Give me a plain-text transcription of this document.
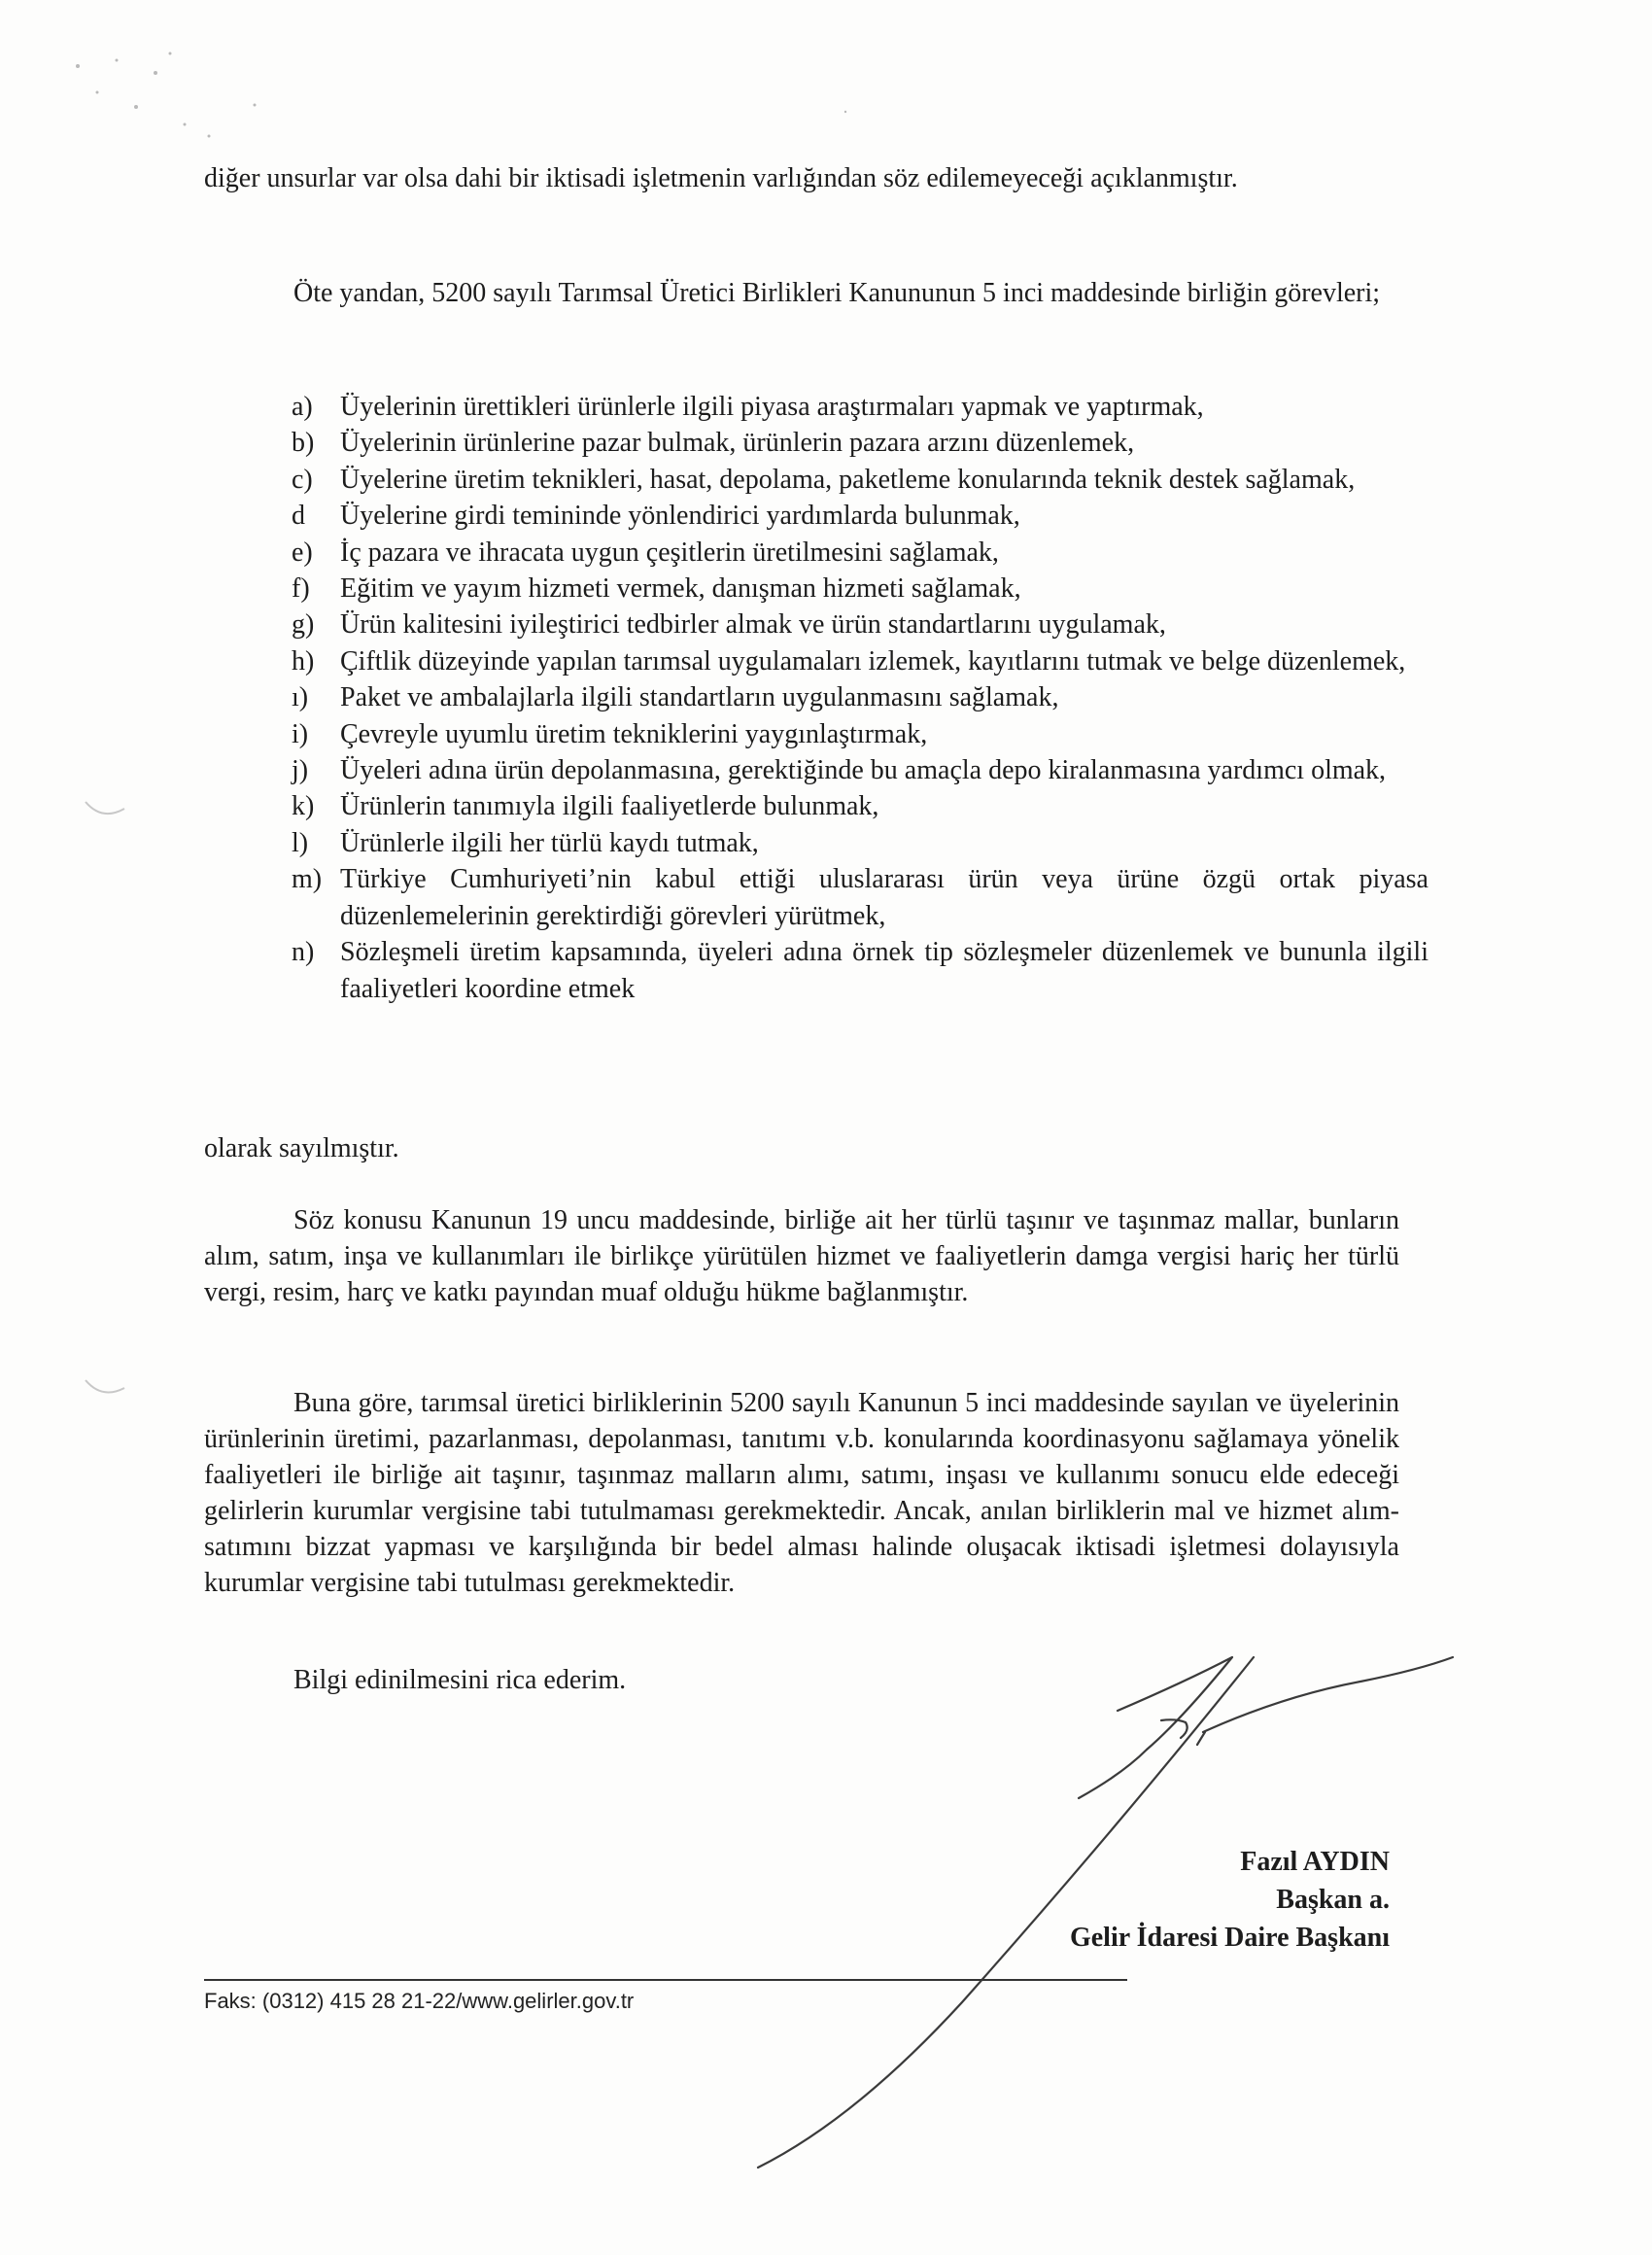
diğer unsurlar var olsa dahi bir iktisadi işletmenin varlığından söz edilemeyeceği açıklanmıştır.

Öte yandan, 5200 sayılı Tarımsal Üretici Birlikleri Kanununun 5 inci maddesinde birliğin görevleri;

a)	Üyelerinin ürettikleri ürünlerle ilgili piyasa araştırmaları yapmak ve yaptırmak,
b) Üyelerinin ürünlerine pazar bulmak, ürünlerin pazara arzını düzenlemek,
c)	Üyelerine üretim teknikleri, hasat, depolama, paketleme konularında teknik destek sağlamak,
d	Üyelerine girdi temininde yönlendirici yardımlarda bulunmak,
e)	İç pazara ve ihracata uygun çeşitlerin üretilmesini sağlamak,
f)	Eğitim ve yayım hizmeti vermek, danışman hizmeti sağlamak,
g) Ürün kalitesini iyileştirici tedbirler almak ve ürün standartlarını uygulamak,
h) Çiftlik düzeyinde yapılan tarımsal uygulamaları izlemek, kayıtlarını tutmak ve belge düzenlemek,
ı)	Paket ve ambalajlarla ilgili standartların uygulanmasını sağlamak,
i)	Çevreyle uyumlu üretim tekniklerini yaygınlaştırmak,
j)	Üyeleri adına ürün depolanmasına, gerektiğinde bu amaçla depo kiralanmasına yardımcı olmak,
k) Ürünlerin tanımıyla ilgili faaliyetlerde bulunmak,
l)	Ürünlerle ilgili her türlü kaydı tutmak,
m) Türkiye Cumhuriyeti’nin kabul ettiği uluslararası ürün veya ürüne özgü ortak piyasa düzenlemelerinin gerektirdiği görevleri yürütmek,
n) Sözleşmeli üretim kapsamında, üyeleri adına örnek tip sözleşmeler düzenlemek ve bununla ilgili faaliyetleri koordine etmek

olarak sayılmıştır.

Söz konusu Kanunun 19 uncu maddesinde, birliğe ait her türlü taşınır ve taşınmaz mallar, bunların alım, satım, inşa ve kullanımları ile birlikçe yürütülen hizmet ve faaliyetlerin damga vergisi hariç her türlü vergi, resim, harç ve katkı payından muaf olduğu hükme bağlanmıştır.

Buna göre, tarımsal üretici birliklerinin 5200 sayılı Kanunun 5 inci maddesinde sayılan ve üyelerinin ürünlerinin üretimi, pazarlanması, depolanması, tanıtımı v.b. konularında koordinasyonu sağlamaya yönelik faaliyetleri ile birliğe ait taşınır, taşınmaz malların alımı, satımı, inşası ve kullanımı sonucu elde edeceği gelirlerin kurumlar vergisine tabi tutulmaması gerekmektedir. Ancak, anılan birliklerin mal ve hizmet alım-satımını bizzat yapması ve karşılığında bir bedel alması halinde oluşacak iktisadi işletmesi dolayısıyla kurumlar vergisine tabi tutulması gerekmektedir.

Bilgi edinilmesini rica ederim.

Fazıl AYDIN
Başkan a.
Gelir İdaresi Daire Başkanı
Faks: (0312) 415 28 21-22/www.gelirler.gov.tr
